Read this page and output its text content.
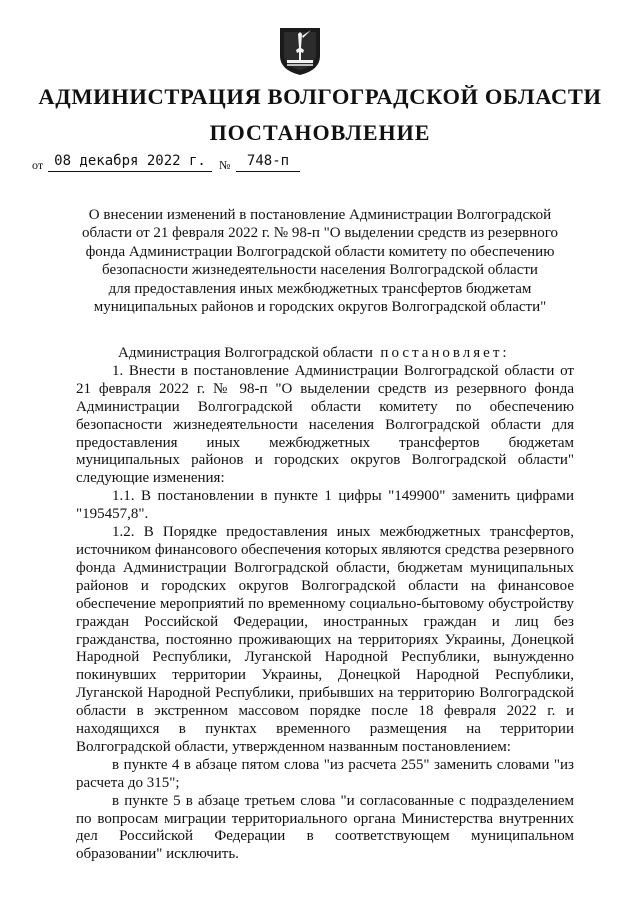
АДМИНИСТРАЦИЯ ВОЛГОГРАДСКОЙ ОБЛАСТИ
ПОСТАНОВЛЕНИЕ
от 08 декабря 2022 г.	№	748-п
О внесении изменений в постановление Администрации Волгоградской
области от 21 февраля 2022 г. № 98-п "О выделении средств из резервного
фонда Администрации Волгоградской области комитету по обеспечению
безопасности жизнедеятельности населения Волгоградской области
для предоставления иных межбюджетных трансфертов бюджетам
муниципальных районов и городских округов Волгоградской области"

Администрация Волгоградской области постановляет:

1. Внести в постановление Администрации Волгоградской области от 21 февраля 2022 г. № 98-п "О выделении средств из резервного фонда Администрации Волгоградской области комитету по обеспечению безопасности жизнедеятельности населения Волгоградской области для предоставления иных межбюджетных трансфертов бюджетам муниципальных районов и городских округов Волгоградской области" следующие изменения:

1.1. В постановлении в пункте 1 цифры "149900" заменить цифрами "195457,8".

1.2. В Порядке предоставления иных межбюджетных трансфертов, источником финансового обеспечения которых являются средства резервного фонда Администрации Волгоградской области, бюджетам муниципальных районов и городских округов Волгоградской области на финансовое обеспечение мероприятий по временному социально-бытовому обустройству граждан Российской Федерации, иностранных граждан и лиц без гражданства, постоянно проживающих на территориях Украины, Донецкой Народной Республики, Луганской Народной Республики, вынужденно покинувших территории Украины, Донецкой Народной Республики, Луганской Народной Республики, прибывших на территорию Волгоградской области в экстренном массовом порядке после 18 февраля 2022 г. и находящихся в пунктах временного размещения на территории Волгоградской области, утвержденном названным постановлением:

в пункте 4 в абзаце пятом слова "из расчета 255" заменить словами "из расчета до 315";

в пункте 5 в абзаце третьем слова "и согласованные с подразделением по вопросам миграции территориального органа Министерства внутренних дел Российской Федерации в соответствующем муниципальном образовании" исключить.
